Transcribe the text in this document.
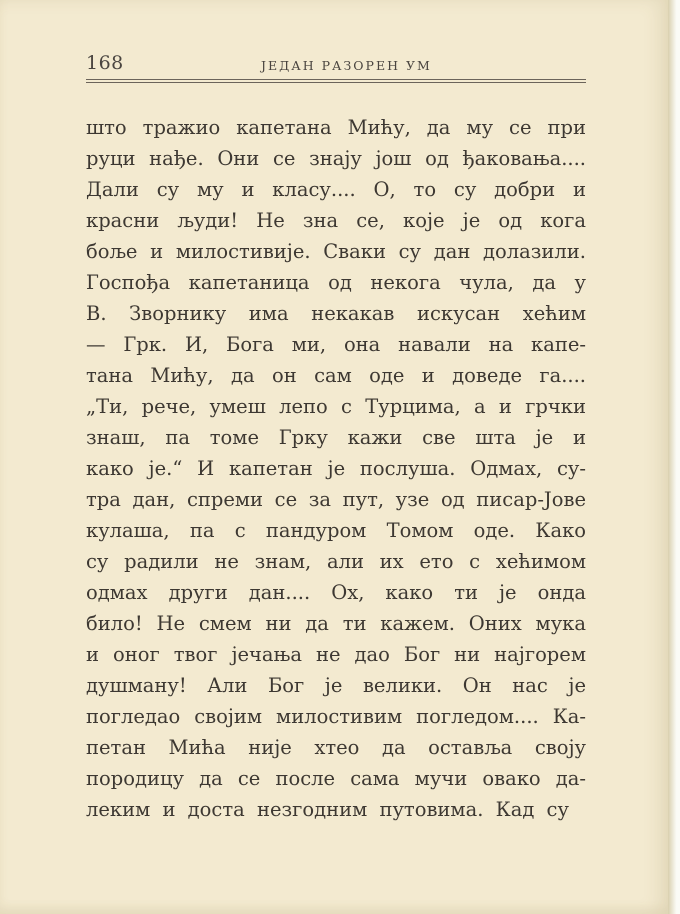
168	ЈЕДАН РАЗОРЕН УМ
што тражио капетана Мићу, да му се при
руци нађе. Они се знају још од ђаковања....
Дали су му и класу.... О, то су добри и
красни људи! Не зна се, које је од кога
боље и милостивије. Сваки су дан долазили.
Госпођа капетаница од некога чула, да у
В. Зворнику има некакав искусан хећим
— Грк. И, Бога ми, она навали на капе-
тана Мићу, да он сам оде и доведе га....
„Ти, рече, умеш лепо с Турцима, а и грчки
знаш, па томе Грку кажи све шта је и
како је.“ И капетан је послуша. Одмах, су-
тра дан, спреми се за пут, узе од писар-Јове
кулаша, па с пандуром Томом оде. Како
су радили не знам, али их ето с хећимом
одмах други дан.... Ох, како ти је онда
било! Не смем ни да ти кажем. Оних мука
и оног твог јечања не дао Бог ни најгорем
душману! Али Бог је велики. Он нас је
погледао својим милостивим погледом.... Ка-
петан Мића није хтео да оставља своју
породицу да се после сама мучи овако да-
леким и доста незгодним путовима. Кад су
